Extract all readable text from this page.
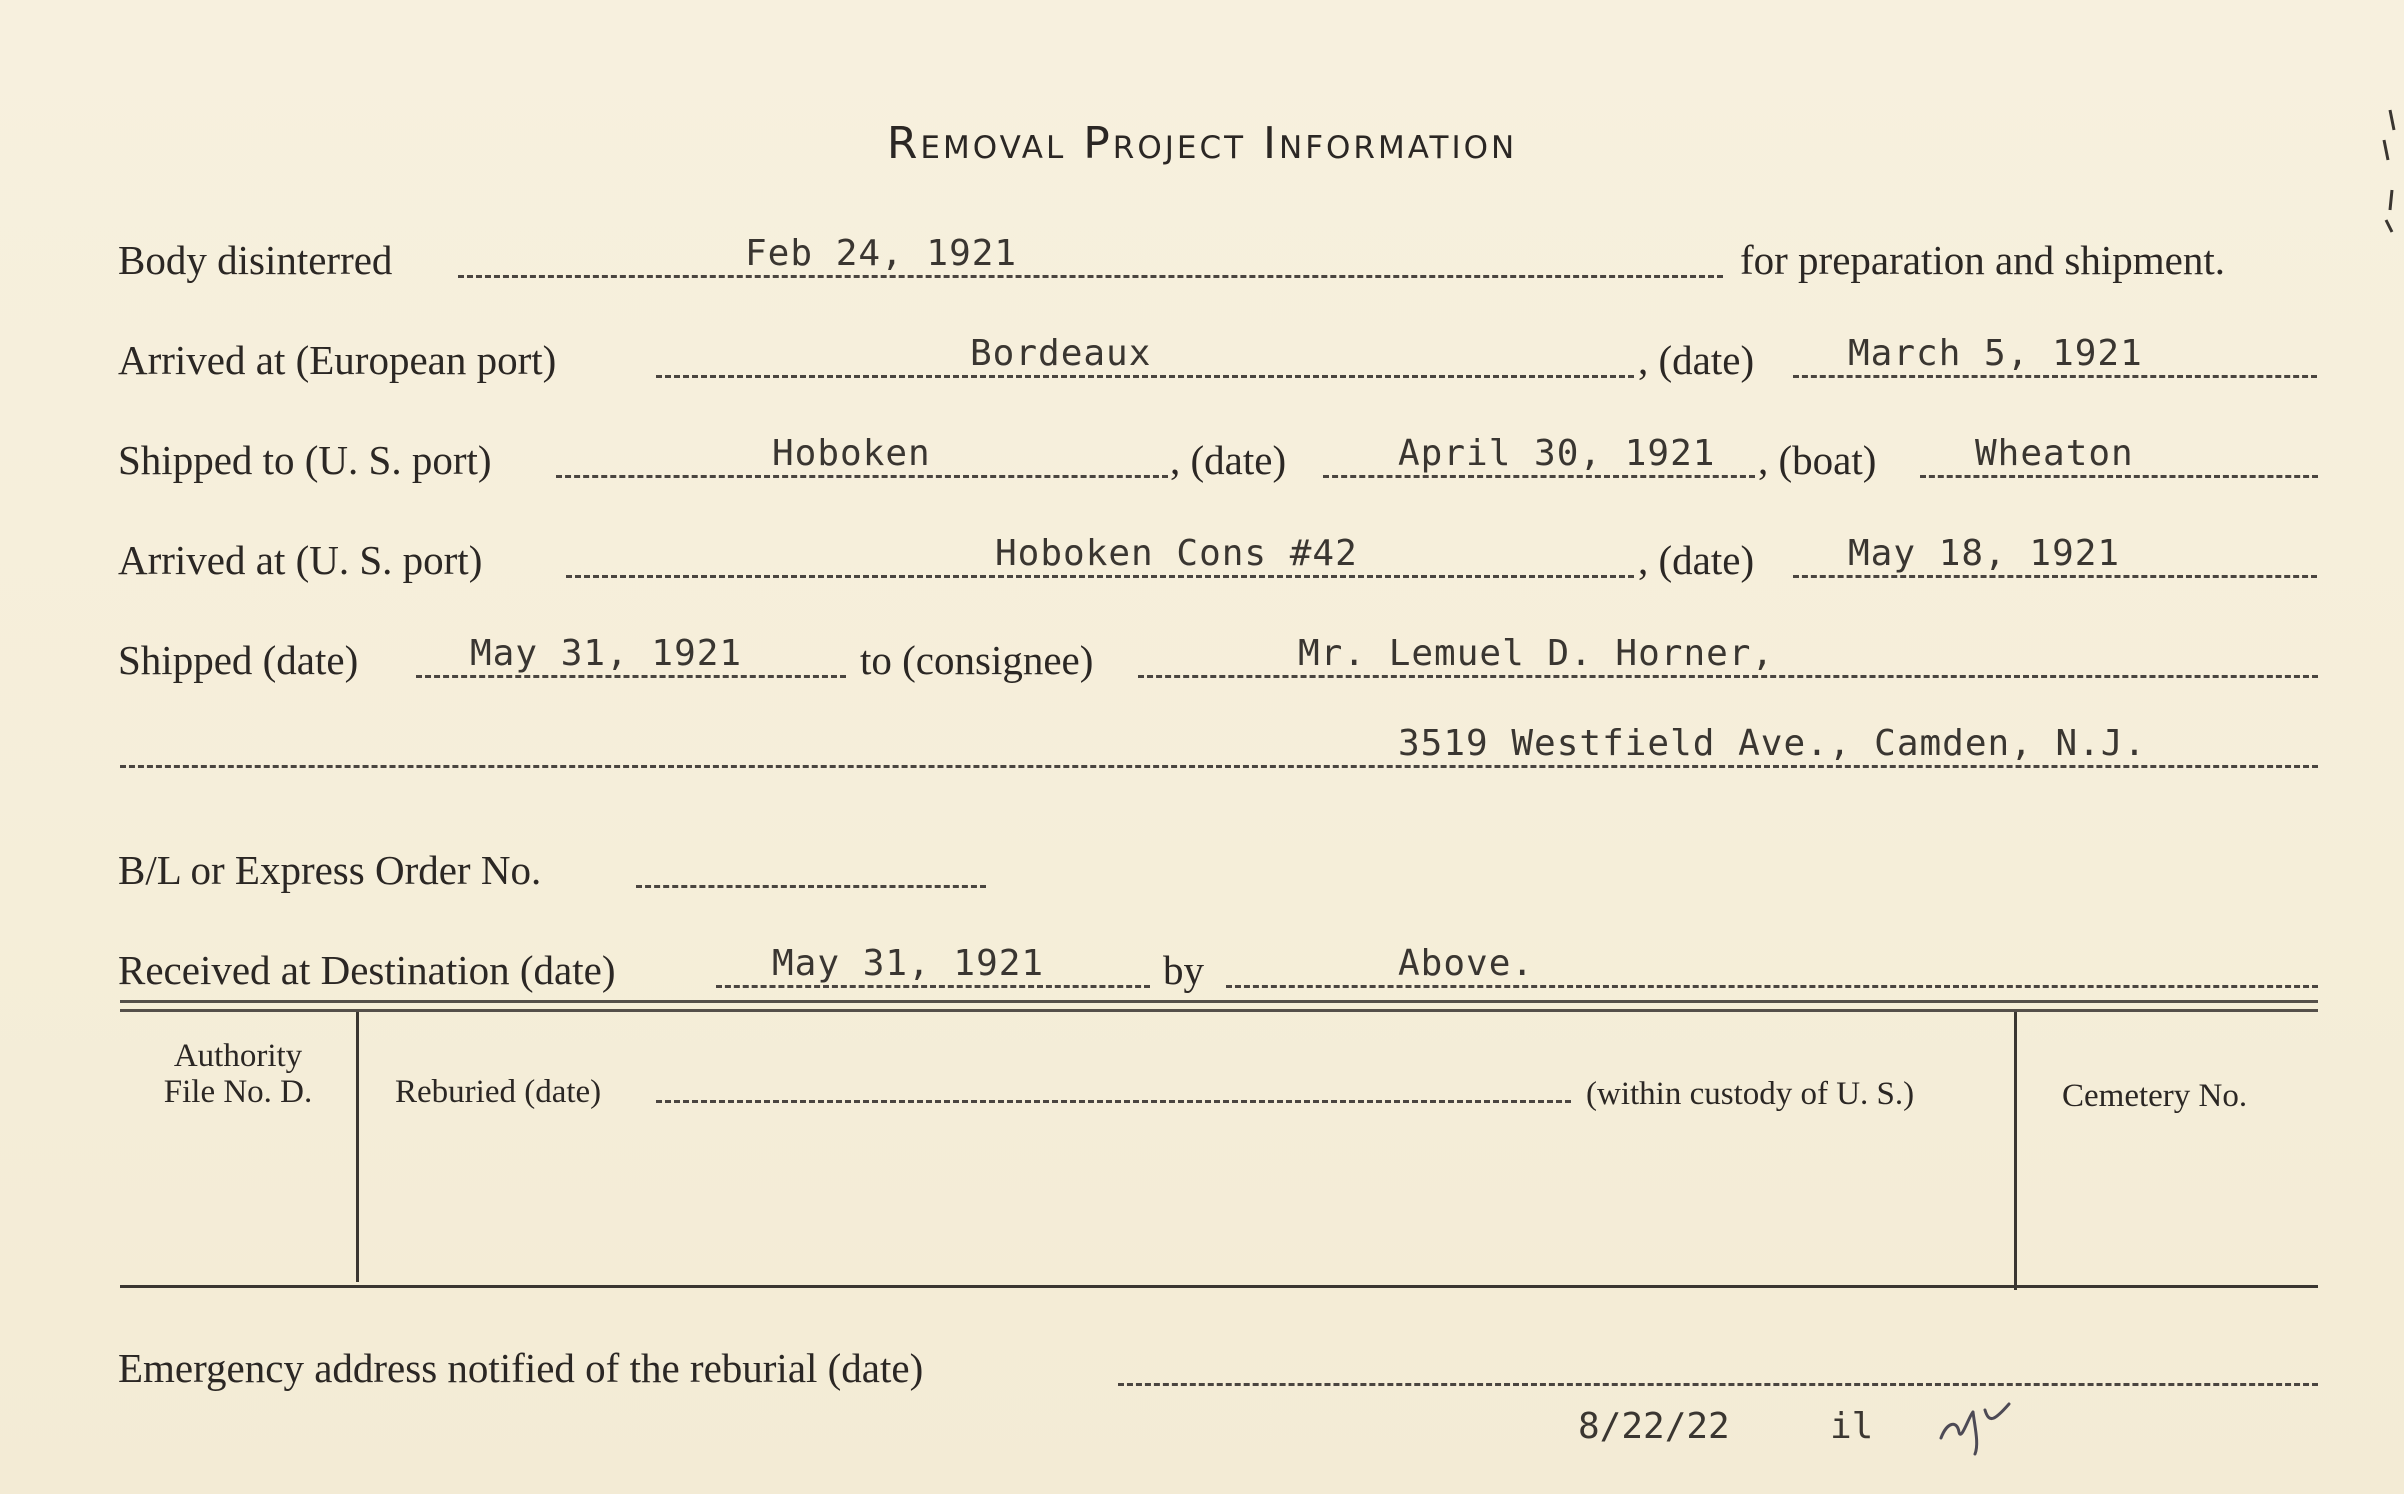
Removal Project Information
Body disinterred	Feb 24, 1921	for preparation and shipment.
Arrived at (European port)	Bordeaux	, (date)	March 5, 1921
Shipped to (U. S. port)	Hoboken	, (date)	April 30, 1921 , (boat)	Wheaton
Arrived at (U. S. port)	Hoboken Cons #42	, (date)	May 18, 1921
Shipped (date)	May 31, 1921	to (consignee)	Mr. Lemuel D. Horner,
3519 Westfield Ave., Camden, N.J.
B/L or Express Order No.
Received at Destination (date)	May 31, 1921	by	Above.
Authority
File No. D.	Reburied (date)	(within custody of U. S.)	Cemetery No.
Emergency address notified of the reburial (date)
8/22/22	il
